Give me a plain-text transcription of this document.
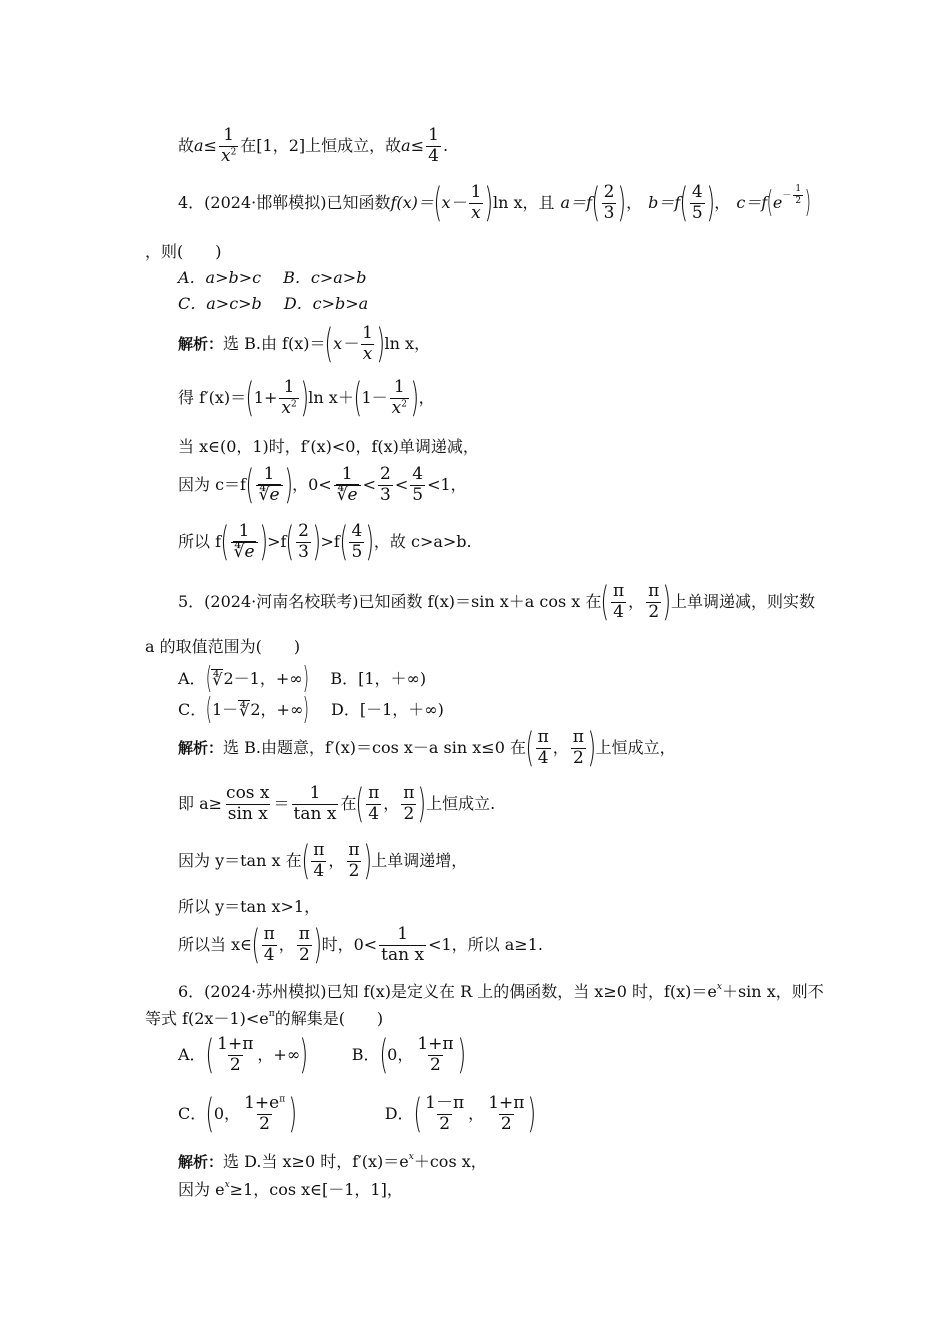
故 $a \le \frac{1}{x^2}$ 在[1，2]上恒成立，故 $a \le \frac{1}{4}$ .
4．(2024·邯郸模拟)已知函数 f(x)＝ ( $x- \frac{1}{x}$ ) ln x，且 a＝f ( $\frac{2}{3}$ ) ， b＝f ( $\frac{4}{5}$ ) ， c＝f ( e $^{- \frac{1}{2}}$ )
，则(　　)
A．a>b>c B．c>a>b
C．a>c>b D．c>b>a
解析： 选 B.由 f(x)＝ ( $x- \frac{1}{x}$ ) ln x，
得 f′(x)＝ ( $1+ \frac{1}{x^2}$ ) ln x＋ ( $1- \frac{1}{x^2}$ ) ，
当 x∈(0，1)时，f′(x)<0，f(x)单调递减，
因为 c＝f ( $\frac{1}{∜e}$ ) ，$0< \frac{1}{∜e} < \frac{2}{3} < \frac{4}{5} <1$，
所以 f ( $\frac{1}{∜e}$ ) >f ( $\frac{2}{3}$ ) >f ( $\frac{4}{5}$ ) ，故 c>a>b.
5．(2024·河南名校联考)已知函数 f(x)＝sin x＋a cos x 在 ( $\frac{\pi}{4}$ ， $\frac{\pi}{2}$ ) 上单调递减，则实数
a 的取值范围为(　　)
A． ( ∜ 2－1，+∞ ) B．[1，＋∞)
C． ( 1－ ∜ 2，+∞ ) D．[－1，＋∞)
解析： 选 B.由题意，f′(x)＝cos x－a sin x≤0 在 ( $\frac{\pi}{4}$ ， $\frac{\pi}{2}$ ) 上恒成立，
即 $a\ge \frac{\text{cos x}}{\text{sin x}} = \frac{1}{\text{tan x}}$ 在 ( $\frac{\pi}{4}$ ， $\frac{\pi}{2}$ ) 上恒成立.
因为 y＝tan x 在 ( $\frac{\pi}{4}$ ， $\frac{\pi}{2}$ ) 上单调递增，
所以 y＝tan x>1，
所以当 x∈ ( $\frac{\pi}{4}$ ， $\frac{\pi}{2}$ ) 时，$0< \frac{1}{\text{tan x}} <1$，所以 a≥1.
6．(2024·苏州模拟)已知 f(x)是定义在 R 上的偶函数，当 x≥0 时，f(x)＝e $^x$ ＋sin x，则不
等式 $f(2x-1)<e^\pi$ 的解集是(　　)
A． ( $\frac{1+\pi}{2}$ ， +∞ )	B． ( 0 ， $\frac{1+\pi}{2}$ )
C． ( 0 ， $\frac{1+e^\pi}{2}$ )	D． ( $\frac{1-\pi}{2}$ ， $\frac{1+\pi}{2}$ )
解析： 选 D.当 x≥0 时，f′(x)＝e $^x$ ＋cos x，
因为 e $^x$ ≥1，cos x∈[－1，1]，
